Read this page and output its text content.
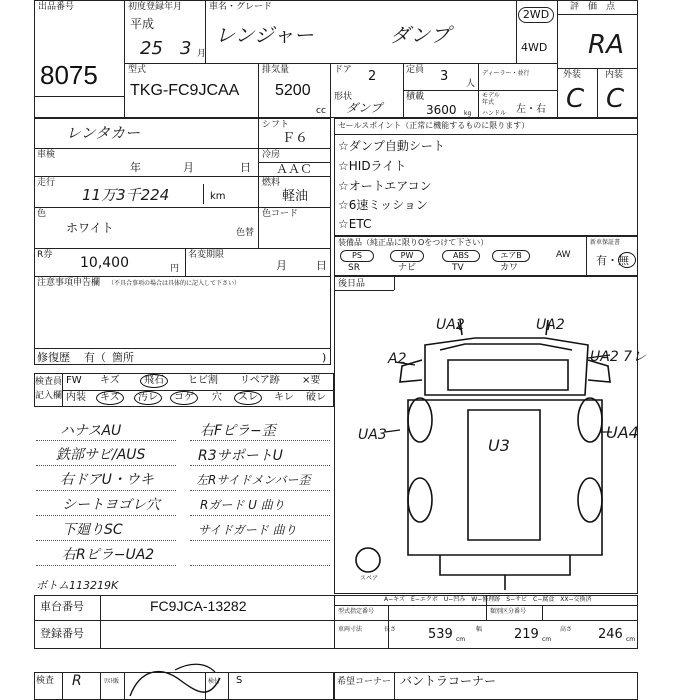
出品番号
8075
初度登録年月
平成
25 3 月
車名・グレード
レンジャー	ダンプ
2WD
4WD
評　価　点
RA
外装	内装
C C
型式
TKG-FC9JCAA
排気量
5200
cc
ドア 2	定員 3 人
ディーラー・並行
形状
ダンプ
積載
3600 kg
モデル 年式
ハンドル 左・右
レンタカー	シフト
Ｆ６
車検
年	月	日
冷房
ＡＡＣ
走行
11万3千224	km
燃料
軽油
色
ホワイト
色コード
色替
R券 10,400	円
名変期限
月	日
注意事項申告欄 （不具合事項の場合は具体的に記入して下さい）
修復歴 有（ 箇所	)
セールスポイント（正常に機能するものに限ります）
☆ダンプ自動シート
☆HIDライト
☆オートエアコン
☆6速ミッション
☆ETC
装備品（純正品に限りOをつけて下さい）
PS	PW	ABS	エアB	AW
SR	ナビ	TV	カワ
新車保証書
有・無
後日品
UA2	UA2
A2	UA2 7レ
UA3
U3
UA4
スペア
A−キズ　E−エクボ　U−凹み　W−修理跡　S−サビ　C−腐食　XX−交換済
検査員
記入欄
FW キズ 飛石 ヒビ割 リペア跡 ×要
内装 キズ 汚レ コゲ 穴 スレ キレ 破レ
ハナスAU
鉄部サビ/AUS
右ドアU・ウキ
シートヨゴレ穴
下廻りSC
右Rピラ−UA2
ボトム113219K
右Fピラ−歪
R3サポートU
左Rサイドメンバー歪
Rガード U 曲り
サイドガード 曲り
車台番号	FC9JCA-13282
登録番号
型式指定番号	類別区分番号
車両寸法	長さ 539 cm
幅 219 cm
高さ 246 cm
検査 R	ﾘｽﾄ販	検付 S	希望コーナー バントラコーナー
